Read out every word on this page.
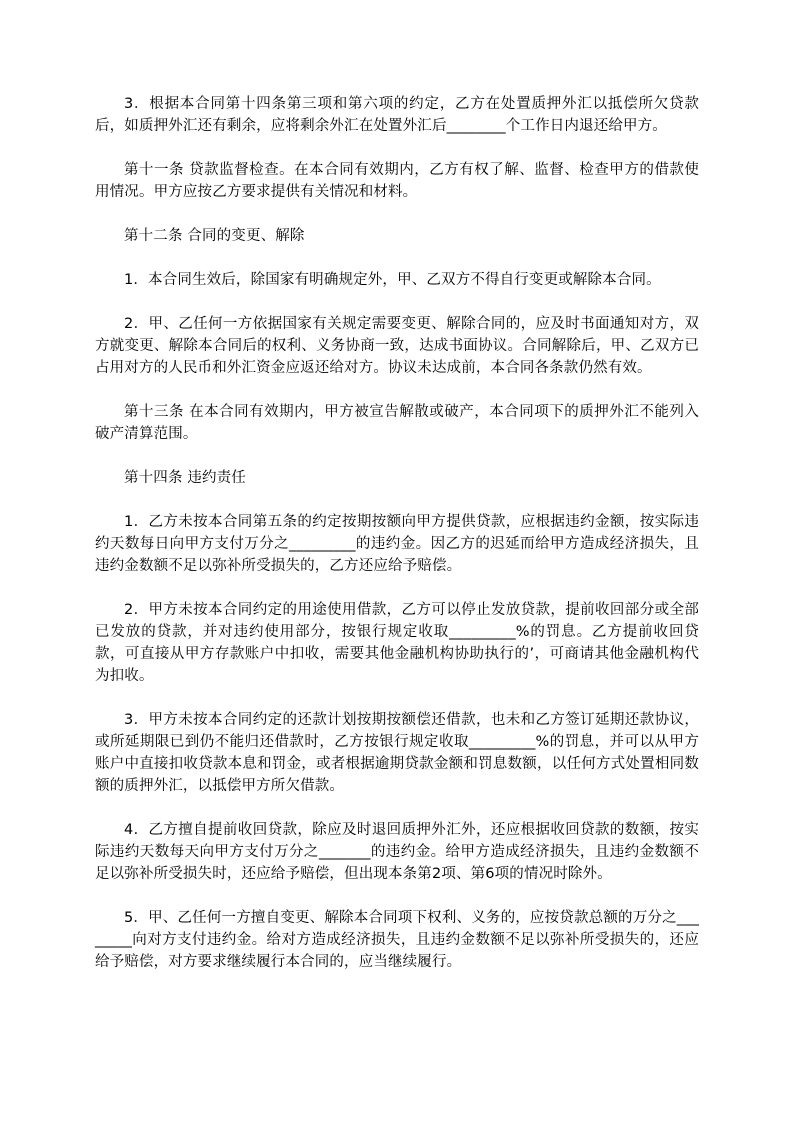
3．根据本合同第十四条第三项和第六项的约定，乙方在处置质押外汇以抵偿所欠贷款后，如质押外汇还有剩余，应将剩余外汇在处置外汇后________个工作日内退还给甲方。

第十一条 贷款监督检查。在本合同有效期内，乙方有权了解、监督、检查甲方的借款使用情况。甲方应按乙方要求提供有关情况和材料。

第十二条 合同的变更、解除

1．本合同生效后，除国家有明确规定外，甲、乙双方不得自行变更或解除本合同。

2．甲、乙任何一方依据国家有关规定需要变更、解除合同的，应及时书面通知对方，双方就变更、解除本合同后的权利、义务协商一致，达成书面协议。合同解除后，甲、乙双方已占用对方的人民币和外汇资金应返还给对方。协议未达成前，本合同各条款仍然有效。

第十三条 在本合同有效期内，甲方被宣告解散或破产，本合同项下的质押外汇不能列入破产清算范围。

第十四条 违约责任

1．乙方未按本合同第五条的约定按期按额向甲方提供贷款，应根据违约金额，按实际违约天数每日向甲方支付万分之_________的违约金。因乙方的迟延而给甲方造成经济损失，且违约金数额不足以弥补所受损失的，乙方还应给予赔偿。

2．甲方未按本合同约定的用途使用借款，乙方可以停止发放贷款，提前收回部分或全部已发放的贷款，并对违约使用部分，按银行规定收取_________%的罚息。乙方提前收回贷款，可直接从甲方存款账户中扣收，需要其他金融机构协助执行的’，可商请其他金融机构代为扣收。

3．甲方未按本合同约定的还款计划按期按额偿还借款，也未和乙方签订延期还款协议，或所延期限已到仍不能归还借款时，乙方按银行规定收取_________%的罚息，并可以从甲方账户中直接扣收贷款本息和罚金，或者根据逾期贷款金额和罚息数额，以任何方式处置相同数额的质押外汇，以抵偿甲方所欠借款。

4．乙方擅自提前收回贷款，除应及时退回质押外汇外，还应根据收回贷款的数额，按实际违约天数每天向甲方支付万分之_______的违约金。给甲方造成经济损失，且违约金数额不足以弥补所受损失时，还应给予赔偿，但出现本条第2项、第6项的情况时除外。

5．甲、乙任何一方擅自变更、解除本合同项下权利、义务的，应按贷款总额的万分之________向对方支付违约金。给对方造成经济损失，且违约金数额不足以弥补所受损失的，还应给予赔偿，对方要求继续履行本合同的，应当继续履行。
